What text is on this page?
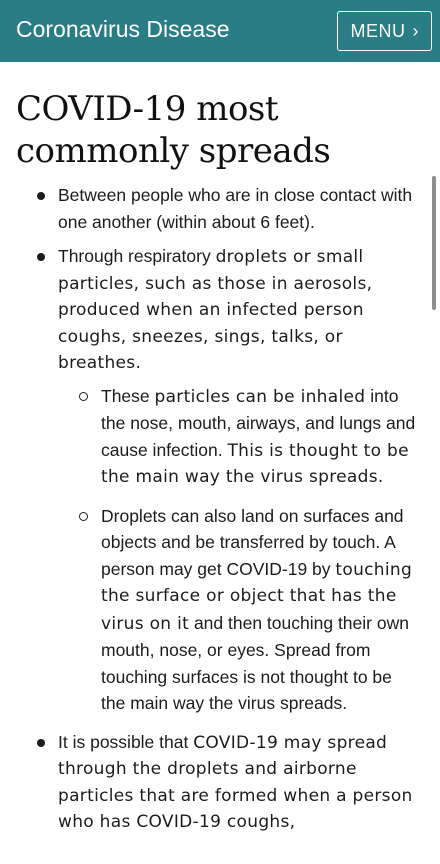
Coronavirus Disease	MENU ›
COVID-19 most commonly spreads
Between people who are in close contact with one another (within about 6 feet).
Through respiratory droplets or small particles, such as those in aerosols, produced when an infected person coughs, sneezes, sings, talks, or breathes.
These particles can be inhaled into the nose, mouth, airways, and lungs and cause infection. This is thought to be the main way the virus spreads.
Droplets can also land on surfaces and objects and be transferred by touch. A person may get COVID-19 by touching the surface or object that has the virus on it and then touching their own mouth, nose, or eyes. Spread from touching surfaces is not thought to be the main way the virus spreads.
It is possible that COVID-19 may spread through the droplets and airborne particles that are formed when a person who has COVID-19 coughs,
